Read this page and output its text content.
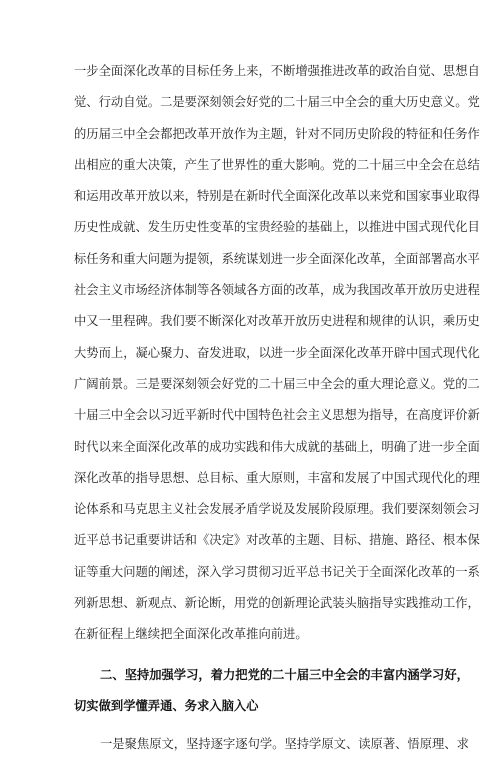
一步全面深化改革的目标任务上来，不断增强推进改革的政治自觉、思想自
觉、行动自觉。二是要深刻领会好党的二十届三中全会的重大历史意义。党
的历届三中全会都把改革开放作为主题，针对不同历史阶段的特征和任务作
出相应的重大决策，产生了世界性的重大影响。党的二十届三中全会在总结
和运用改革开放以来，特别是在新时代全面深化改革以来党和国家事业取得
历史性成就、发生历史性变革的宝贵经验的基础上，以推进中国式现代化目
标任务和重大问题为提领，系统谋划进一步全面深化改革，全面部署高水平
社会主义市场经济体制等各领域各方面的改革，成为我国改革开放历史进程
中又一里程碑。我们要不断深化对改革开放历史进程和规律的认识，乘历史
大势而上，凝心聚力、奋发进取，以进一步全面深化改革开辟中国式现代化
广阔前景。三是要深刻领会好党的二十届三中全会的重大理论意义。党的二
十届三中全会以习近平新时代中国特色社会主义思想为指导，在高度评价新
时代以来全面深化改革的成功实践和伟大成就的基础上，明确了进一步全面
深化改革的指导思想、总目标、重大原则，丰富和发展了中国式现代化的理
论体系和马克思主义社会发展矛盾学说及发展阶段原理。我们要深刻领会习
近平总书记重要讲话和《决定》对改革的主题、目标、措施、路径、根本保
证等重大问题的阐述，深入学习贯彻习近平总书记关于全面深化改革的一系
列新思想、新观点、新论断，用党的创新理论武装头脑指导实践推动工作，
在新征程上继续把全面深化改革推向前进。
二、坚持加强学习，着力把党的二十届三中全会的丰富内涵学习好，
切实做到学懂弄通、务求入脑入心
一是聚焦原文，坚持逐字逐句学。坚持学原文、读原著、悟原理、求
